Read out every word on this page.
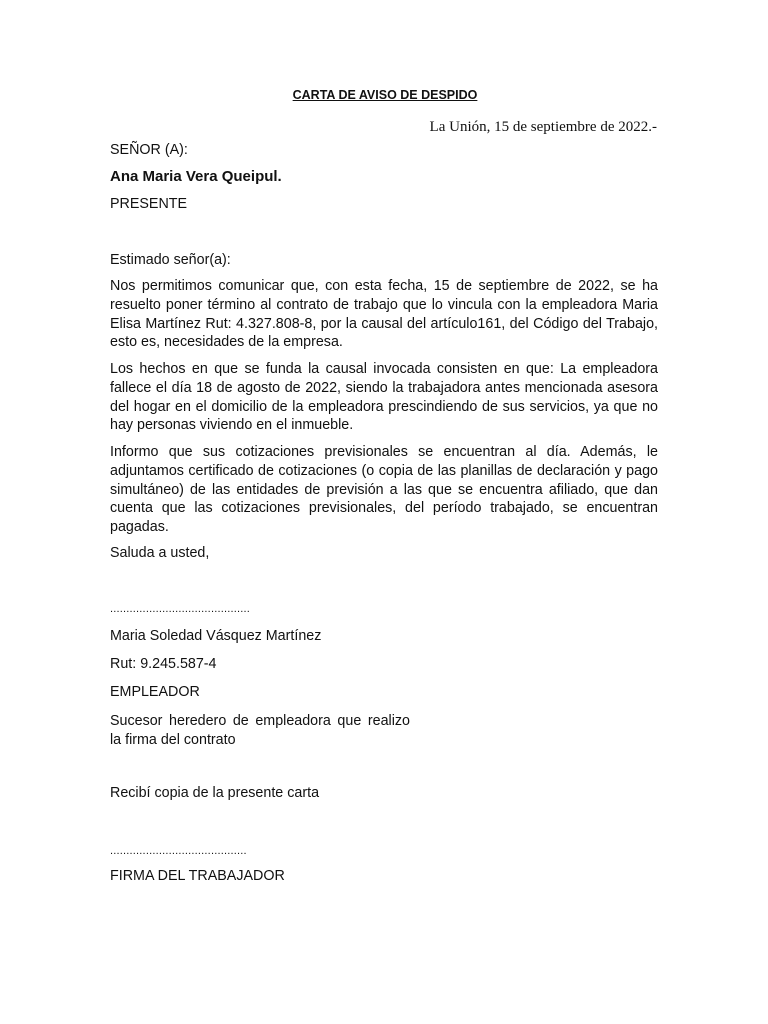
CARTA DE AVISO DE DESPIDO
La Unión, 15 de septiembre de 2022.-
SEÑOR (A):
Ana Maria Vera Queipul.
PRESENTE
Estimado señor(a):
Nos permitimos comunicar que, con esta fecha, 15 de septiembre de 2022, se ha resuelto poner término al contrato de trabajo que lo vincula con la empleadora Maria Elisa Martínez Rut: 4.327.808-8, por la causal del artículo161, del Código del Trabajo, esto es, necesidades de la empresa.
Los hechos en que se funda la causal invocada consisten en que: La empleadora fallece el día 18 de agosto de 2022, siendo la trabajadora antes mencionada asesora del hogar en el domicilio de la empleadora prescindiendo de sus servicios, ya que no hay personas viviendo en el inmueble.
Informo que sus cotizaciones previsionales se encuentran al día. Además, le adjuntamos certificado de cotizaciones (o copia de las planillas de declaración y pago simultáneo) de las entidades de previsión a las que se encuentra afiliado, que dan cuenta que las cotizaciones previsionales, del período trabajado, se encuentran pagadas.
Saluda a usted,
...........................................
Maria Soledad Vásquez Martínez
Rut: 9.245.587-4
EMPLEADOR
Sucesor heredero de empleadora que realizo la firma del contrato
Recibí copia de la presente carta
..........................................
FIRMA DEL TRABAJADOR
